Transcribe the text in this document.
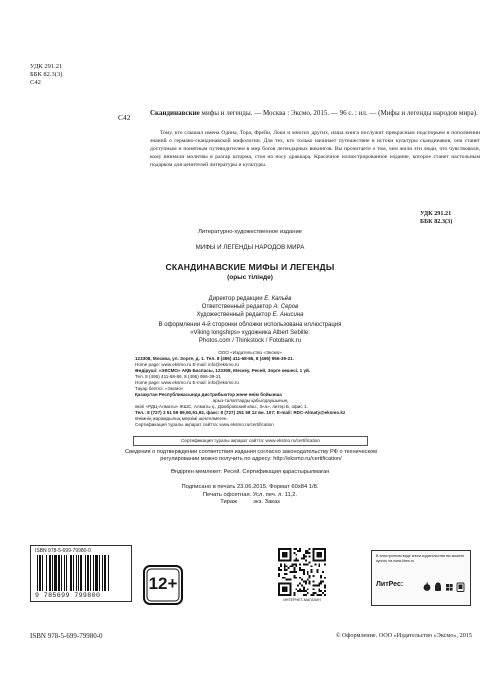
УДК 291.21
ББК 82.3(3)
С42
С42	Скандинавские мифы и легенды. — Москва : Эксмо, 2015. — 96 с. : ил. — (Мифы и легенды народов мира).
Тому, кто слышал имена Одина, Тора, Фрейи, Локи и многих других, наша книга послужит прекрасным подспорьем в пополнении знаний о германо-скандинавской мифологии. Для тех, кто только начинает путешествие в истоки культуры скандинавов, она станет доступным и понятным путеводителем в мир богов легендарных викингов. Вы прочитаете о том, чем жили эти люди, что чувствовали, кому внимали молитвы в разгар шторма, стоя на носу драккара. Красочное иллюстрированное издание, которое станет настольным подарком для ценителей литературы и культуры.
УДК 291.21
ББК 82.3(3)
Литературно-художественное издание
МИФЫ И ЛЕГЕНДЫ НАРОДОВ МИРА
СКАНДИНАВСКИЕ МИФЫ И ЛЕГЕНДЫ
(орыс тілінде)
Директор редакции Е. Капьёв
Ответственный редактор А. Серов
Художественный редактор Е. Анисина
В оформлении 4-й сторонки обложки использована иллюстрация
«Viking longships» художника Albert Sebille:
Photos.com / Thinkstock / Fotobank.ru
ООО «Издательство «Эксмо»
123308, Москва, ул. Зорге, д. 1. Тел. 8 (495) 411-68-86, 8 (495) 956-39-21.
Home page: www.eksmo.ru E-mail: info@eksmo.ru
Өндіруші: «ЭКСМО» АҚБ Баспасы, 123308, Мәскеу, Ресей, Зорге көшесі, 1 үй.
Тел. 8 (495) 411-68-86, 8 (495) 956-39-21
Home page: www.eksmo.ru E-mail: info@eksmo.ru
Тауар белгісі: «Эксмо»
Қазақстан Республикасында дистрибьютор және өнім бойынша
арыз-талаптарды қабылдаушының
өкілі «РДЦ-Алматы» ЖШС, Алматы қ., Домбровский көш., 3«а», литер Б, офис 1.
Тел.: 8 (727) 2 51 59 89,90,91,92, факс: 8 (727) 251 58 12 вн. 107; E-mail: RDC-Almaty@eksmo.kz
Өнімнің жарамдылық мерзімі шектелмеген.
Сертификация туралы ақпарат сайтта: www.eksmo.ru/certification
Сертификация туралы ақпарат сайтта: www.eksmo.ru/certification
Сведения о подтверждении соответствия издания согласно законодательству РФ о техническом регулировании можно получить по адресу: http://eksmo.ru/certification/
Өндірген мемлекет: Ресей. Сертификация қарастырылмаған
Подписано в печать 23.06.2015. Формат 60x84 1/8.
Печать офсетная. Усл. печ. л. 11,2.
Тираж          экз. Заказ
ISBN 978-5-699-79980-0
9 785699 799800
12+
ИНТЕРНЕТ-МАГАЗИН
В электронном виде книги издательства вы можете купить на www.litres.ru
ЛитРес:
ISBN 978-5-699-79980-0	© Оформление. ООО «Издательство «Эксмо», 2015
